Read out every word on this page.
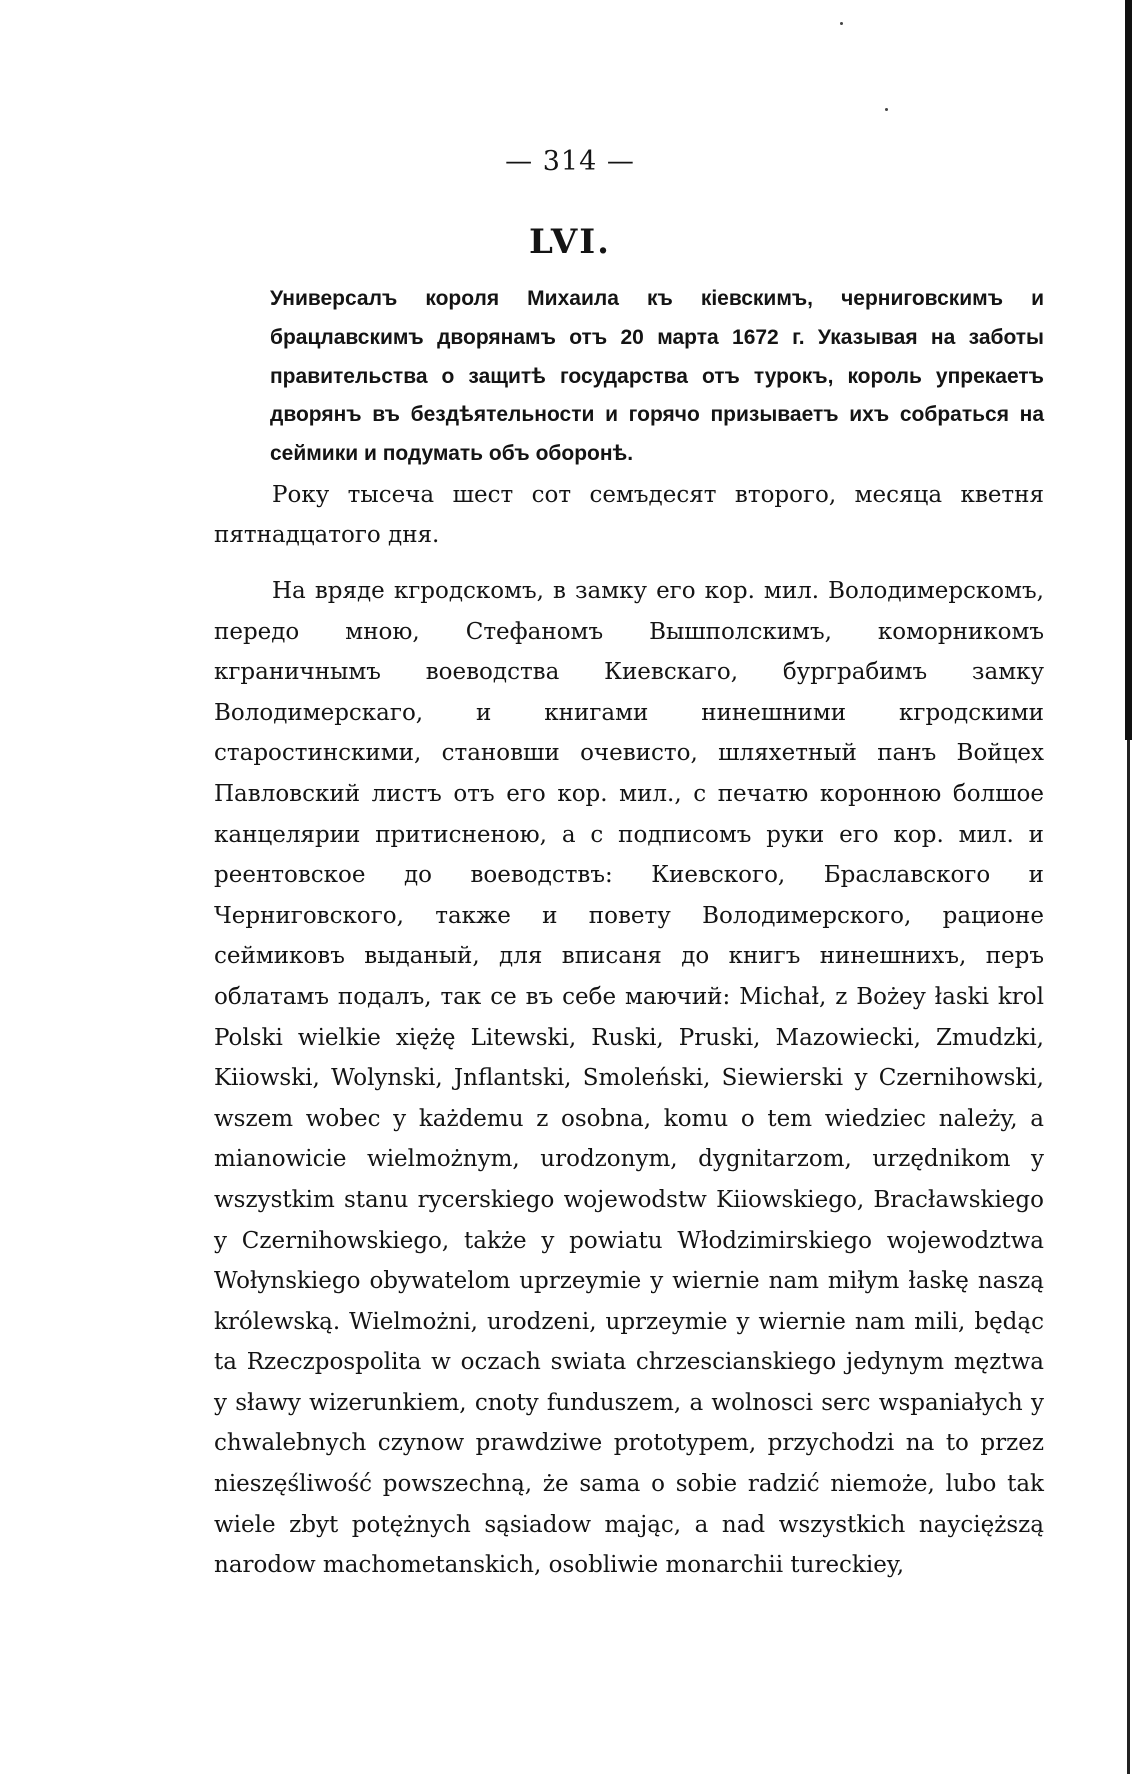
— 314 —
LVI.
Универсалъ короля Михаила къ кіевскимъ, черниговскимъ и брацлавскимъ дворянамъ отъ 20 марта 1672 г. Указывая на заботы правительства о защитѣ государства отъ турокъ, король упрекаетъ дворянъ въ бездѣятельности и горячо призываетъ ихъ собраться на сеймики и подумать объ оборонѣ.

Року тысеча шест сот семъдесят второго, месяца кветня пятнадцатого дня.

На вряде кгродскомъ, в замку его кор. мил. Володимерскомъ, передо мною, Стефаномъ Вышполскимъ, коморникомъ кграничнымъ воеводства Киевскаго, бурграбимъ замку Володимерскаго, и книгами нинешними кгродскими старостинскими, становши очевисто, шляхетный панъ Войцех Павловский листъ отъ его кор. мил., с печатю коронною болшое канцелярии притисненою, а с подписомъ руки его кор. мил. и реентовское до воеводствъ: Киевского, Браславского и Черниговского, также и повету Володимерского, рационе сеймиковъ выданый, для вписаня до книгъ нинешнихъ, перъ облатамъ подалъ, так се въ себе маючий: Michał, z Bożey łaski krol Polski wielkie xiężę Litewski, Ruski, Pruski, Mazowiecki, Zmudzki, Kiiowski, Wolynski, Jnflantski, Smoleński, Siewierski y Czernihowski, wszem wobec y każdemu z osobna, komu o tem wiedziec należy, a mianowicie wielmożnym, urodzonym, dygnitarzom, urzędnikom y wszystkim stanu rycerskiego wojewodstw Kiiowskiego, Bracławskiego y Czernihowskiego, także y powiatu Włodzimirskiego wojewodztwa Wołynskiego obywatelom uprzeymie y wiernie nam miłym łaskę naszą krόlewską. Wielmożni, urodzeni, uprzeymie y wiernie nam mili, będąc ta Rzeczpospolita w oczach swiata chrzescianskiego jedynym męztwa y sławy wizerunkiem, cnoty funduszem, a wolnosci serc wspaniałych y chwalebnych czynow prawdziwe prototypem, przychodzi na to przez nieszęśliwość powszechną, że sama o sobie radzić niemoże, lubo tak wiele zbyt potężnych sąsiadow mając, a nad wszystkich naycięższą narodow machometanskich, osobliwie monarchii tureckiey,
